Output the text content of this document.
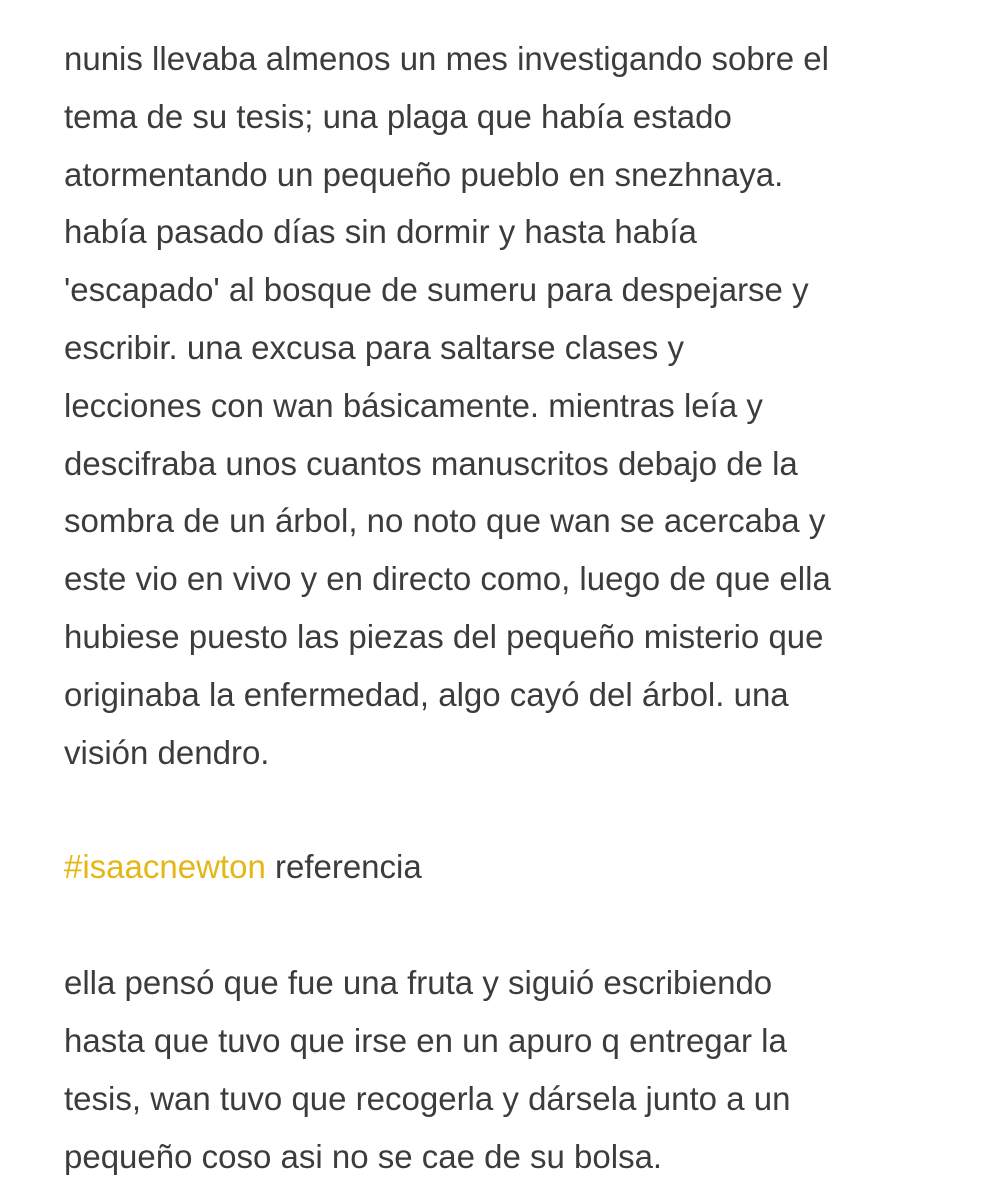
nunis llevaba almenos un mes investigando sobre el
tema de su tesis; una plaga que había estado
atormentando un pequeño pueblo en snezhnaya.
había pasado días sin dormir y hasta había
'escapado' al bosque de sumeru para despejarse y
escribir. una excusa para saltarse clases y
lecciones con wan básicamente. mientras leía y
descifraba unos cuantos manuscritos debajo de la
sombra de un árbol, no noto que wan se acercaba y
este vio en vivo y en directo como, luego de que ella
hubiese puesto las piezas del pequeño misterio que
originaba la enfermedad, algo cayó del árbol. una
visión dendro.

#isaacnewton referencia

ella pensó que fue una fruta y siguió escribiendo
hasta que tuvo que irse en un apuro q entregar la
tesis, wan tuvo que recogerla y dársela junto a un
pequeño coso asi no se cae de su bolsa.
